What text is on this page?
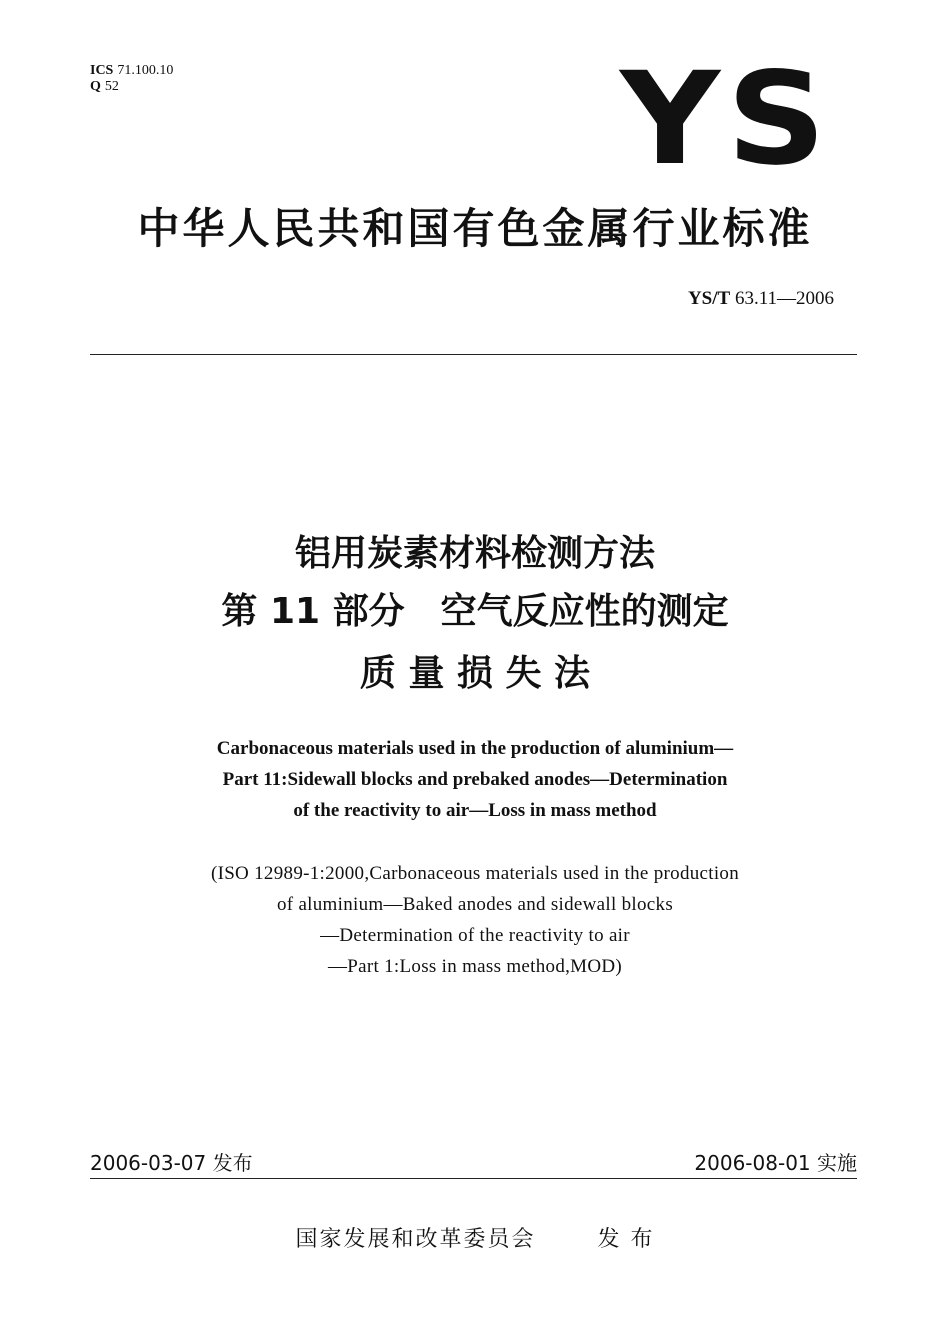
ICS 71.100.10
Q 52	YS
中华人民共和国有色金属行业标准
YS/T 63.11—2006
铝用炭素材料检测方法
第 11 部分　空气反应性的测定
质 量 损 失 法
Carbonaceous materials used in the production of aluminium—
Part 11:Sidewall blocks and prebaked anodes—Determination
of the reactivity to air—Loss in mass method
(ISO 12989-1:2000,Carbonaceous materials used in the production
of aluminium—Baked anodes and sidewall blocks
—Determination of the reactivity to air
—Part 1:Loss in mass method,MOD)
2006-03-07 发布	2006-08-01 实施
国家发展和改革委员会	发 布
